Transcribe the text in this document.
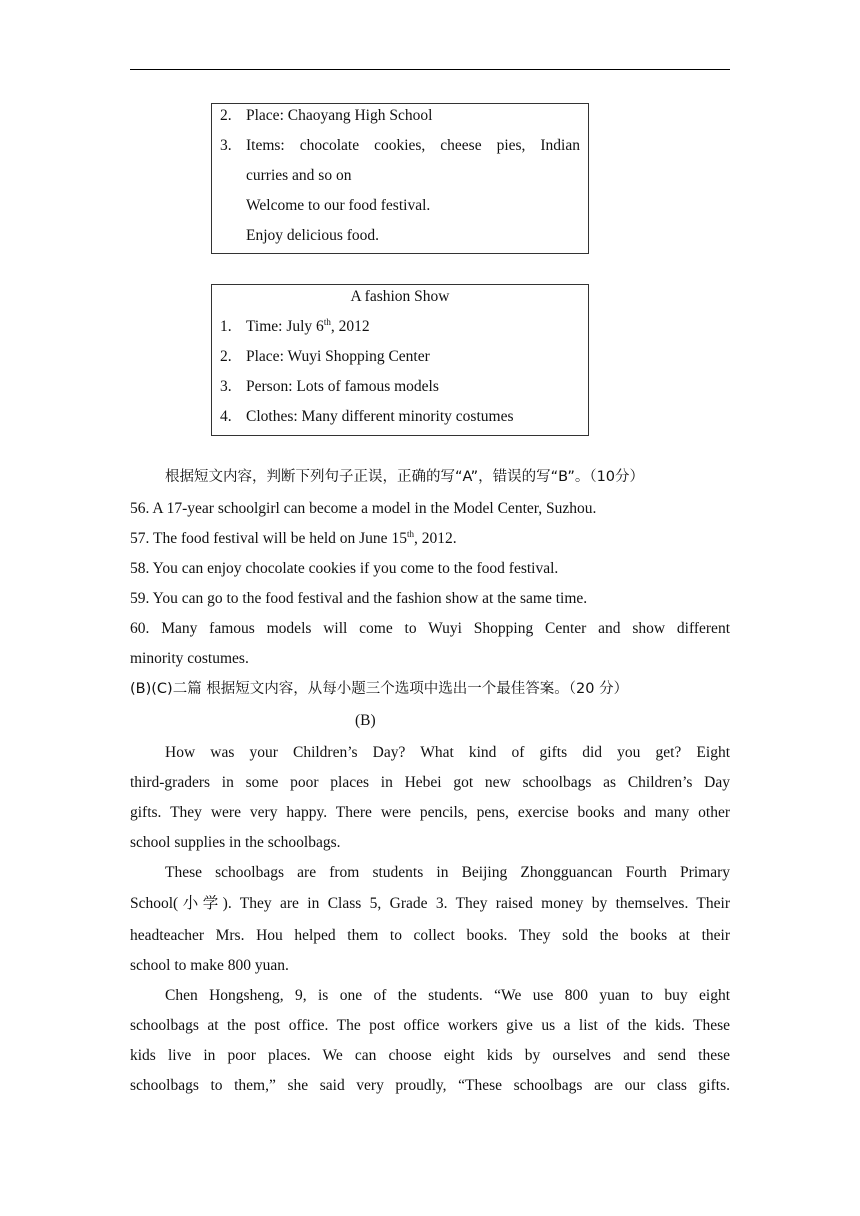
2. Place: Chaoyang High School
3. Items: chocolate cookies, cheese pies, Indian
curries and so on
Welcome to our food festival.
Enjoy delicious food.
A fashion Show
1. Time: July 6th, 2012
2. Place: Wuyi Shopping Center
3. Person: Lots of famous models
4. Clothes: Many different minority costumes
根据短文内容，判断下列句子正误，正确的写“A”，错误的写“B”。（10分）
56. A 17-year schoolgirl can become a model in the Model Center, Suzhou.
57. The food festival will be held on June 15th, 2012.
58. You can enjoy chocolate cookies if you come to the food festival.
59. You can go to the food festival and the fashion show at the same time.
60. Many famous models will come to Wuyi Shopping Center and show different
minority costumes.
(B)(C)二篇 根据短文内容，从每小题三个选项中选出一个最佳答案。（20 分）
(B)
How was your Children’s Day? What kind of gifts did you get? Eight
third-graders in some poor places in Hebei got new schoolbags as Children’s Day
gifts. They were very happy. There were pencils, pens, exercise books and many other
school supplies in the schoolbags.
These schoolbags are from students in Beijing Zhongguancan Fourth Primary
School(小学). They are in Class 5, Grade 3. They raised money by themselves. Their
headteacher Mrs. Hou helped them to collect books. They sold the books at their
school to make 800 yuan.
Chen Hongsheng, 9, is one of the students. “We use 800 yuan to buy eight
schoolbags at the post office. The post office workers give us a list of the kids. These
kids live in poor places. We can choose eight kids by ourselves and send these
schoolbags to them,” she said very proudly, “These schoolbags are our class gifts.
